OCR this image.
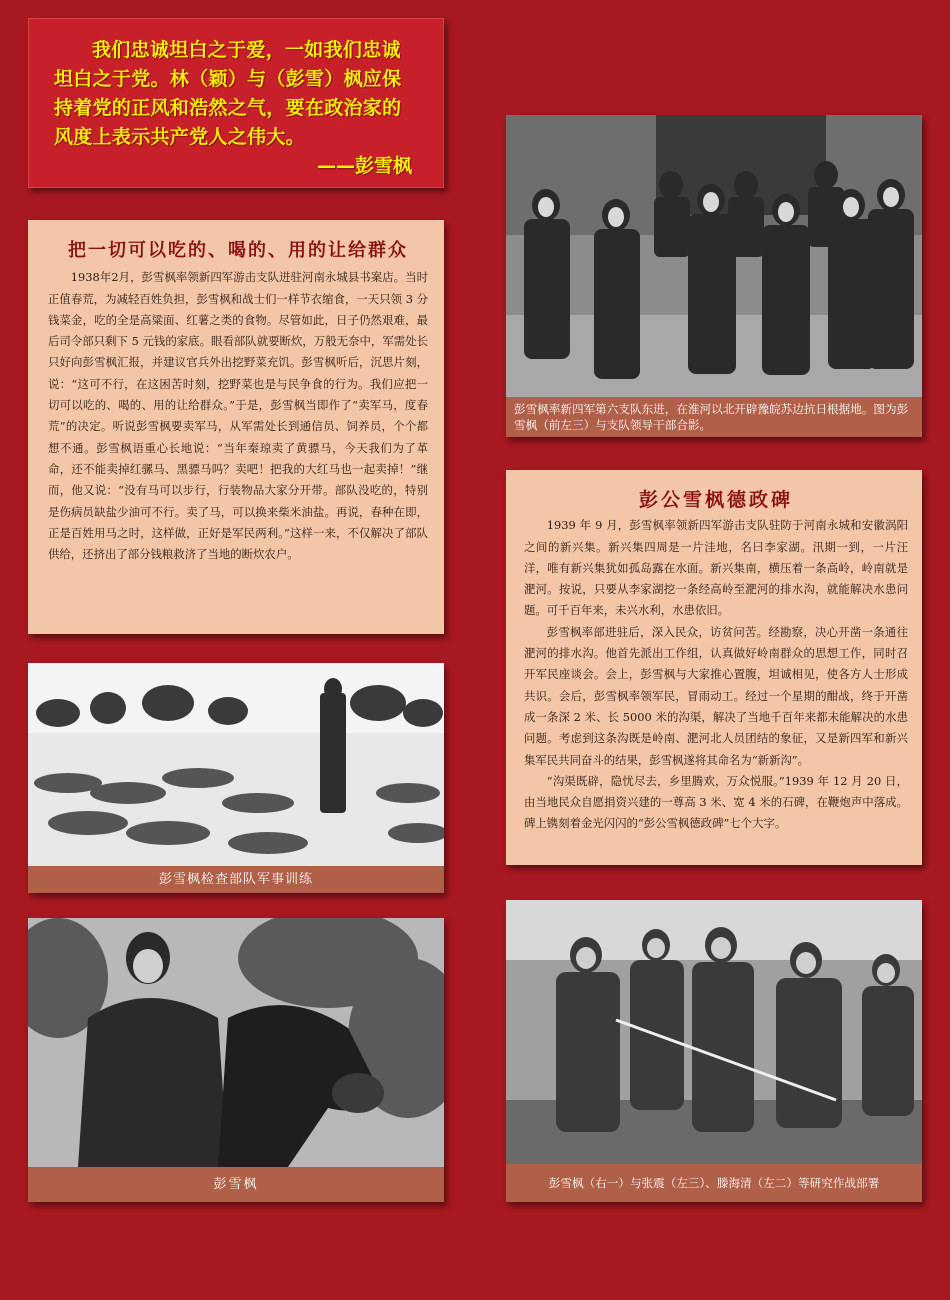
我们忠诚坦白之于爱，一如我们忠诚坦白之于党。林（颖）与（彭雪）枫应保持着党的正风和浩然之气，要在政治家的风度上表示共产党人之伟大。
——彭雪枫
把一切可以吃的、喝的、用的让给群众

1938年2月，彭雪枫率领新四军游击支队进驻河南永城县书案店。当时正值春荒，为减轻百姓负担，彭雪枫和战士们一样节衣缩食，一天只领 3 分钱菜金，吃的全是高粱面、红薯之类的食物。尽管如此，日子仍然艰难，最后司令部只剩下 5 元钱的家底。眼看部队就要断炊，万般无奈中，军需处长只好向彭雪枫汇报，并建议官兵外出挖野菜充饥。彭雪枫听后，沉思片刻，说：“这可不行，在这困苦时刻，挖野菜也是与民争食的行为。我们应把一切可以吃的、喝的、用的让给群众。”于是，彭雪枫当即作了“卖军马，度春荒”的决定。听说彭雪枫要卖军马，从军需处长到通信员、饲养员，个个都想不通。彭雪枫语重心长地说：“当年秦琼卖了黄骠马，今天我们为了革命，还不能卖掉红骡马、黑骠马吗？卖吧！把我的大红马也一起卖掉！”继而，他又说：“没有马可以步行，行装物品大家分开带。部队没吃的，特别是伤病员缺盐少油可不行。卖了马，可以换来柴米油盐。再说，春种在即，正是百姓用马之时，这样做，正好是军民两利。”这样一来，不仅解决了部队供给，还挤出了部分钱粮救济了当地的断炊农户。

彭雪枫率新四军第六支队东进，在淮河以北开辟豫皖苏边抗日根据地。图为彭雪枫（前左三）与支队领导干部合影。
彭公雪枫德政碑

1939 年 9 月，彭雪枫率领新四军游击支队驻防于河南永城和安徽涡阳之间的新兴集。新兴集四周是一片洼地，名曰李家湖。汛期一到，一片汪洋，唯有新兴集犹如孤岛露在水面。新兴集南，横压着一条高岭，岭南就是淝河。按说，只要从李家湖挖一条经高岭至淝河的排水沟，就能解决水患问题。可千百年来，未兴水利，水患依旧。

彭雪枫率部进驻后，深入民众，访贫问苦。经勘察，决心开凿一条通往淝河的排水沟。他首先派出工作组，认真做好岭南群众的思想工作，同时召开军民座谈会。会上，彭雪枫与大家推心置腹，坦诚相见，使各方人士形成共识。会后，彭雪枫率领军民，冒雨动工。经过一个星期的酣战，终于开凿成一条深 2 米、长 5000 米的沟渠，解决了当地千百年来都未能解决的水患问题。考虑到这条沟既是岭南、淝河北人员团结的象征，又是新四军和新兴集军民共同奋斗的结果，彭雪枫遂将其命名为“新新沟”。

“沟渠既辟，隐忧尽去，乡里腾欢，万众悦服。”1939 年 12 月 20 日，由当地民众自愿捐资兴建的一尊高 3 米、宽 4 米的石碑，在鞭炮声中落成。碑上镌刻着金光闪闪的“彭公雪枫德政碑”七个大字。

彭雪枫检查部队军事训练
彭雪枫	彭雪枫（右一）与张震（左三）、滕海清（左二）等研究作战部署
